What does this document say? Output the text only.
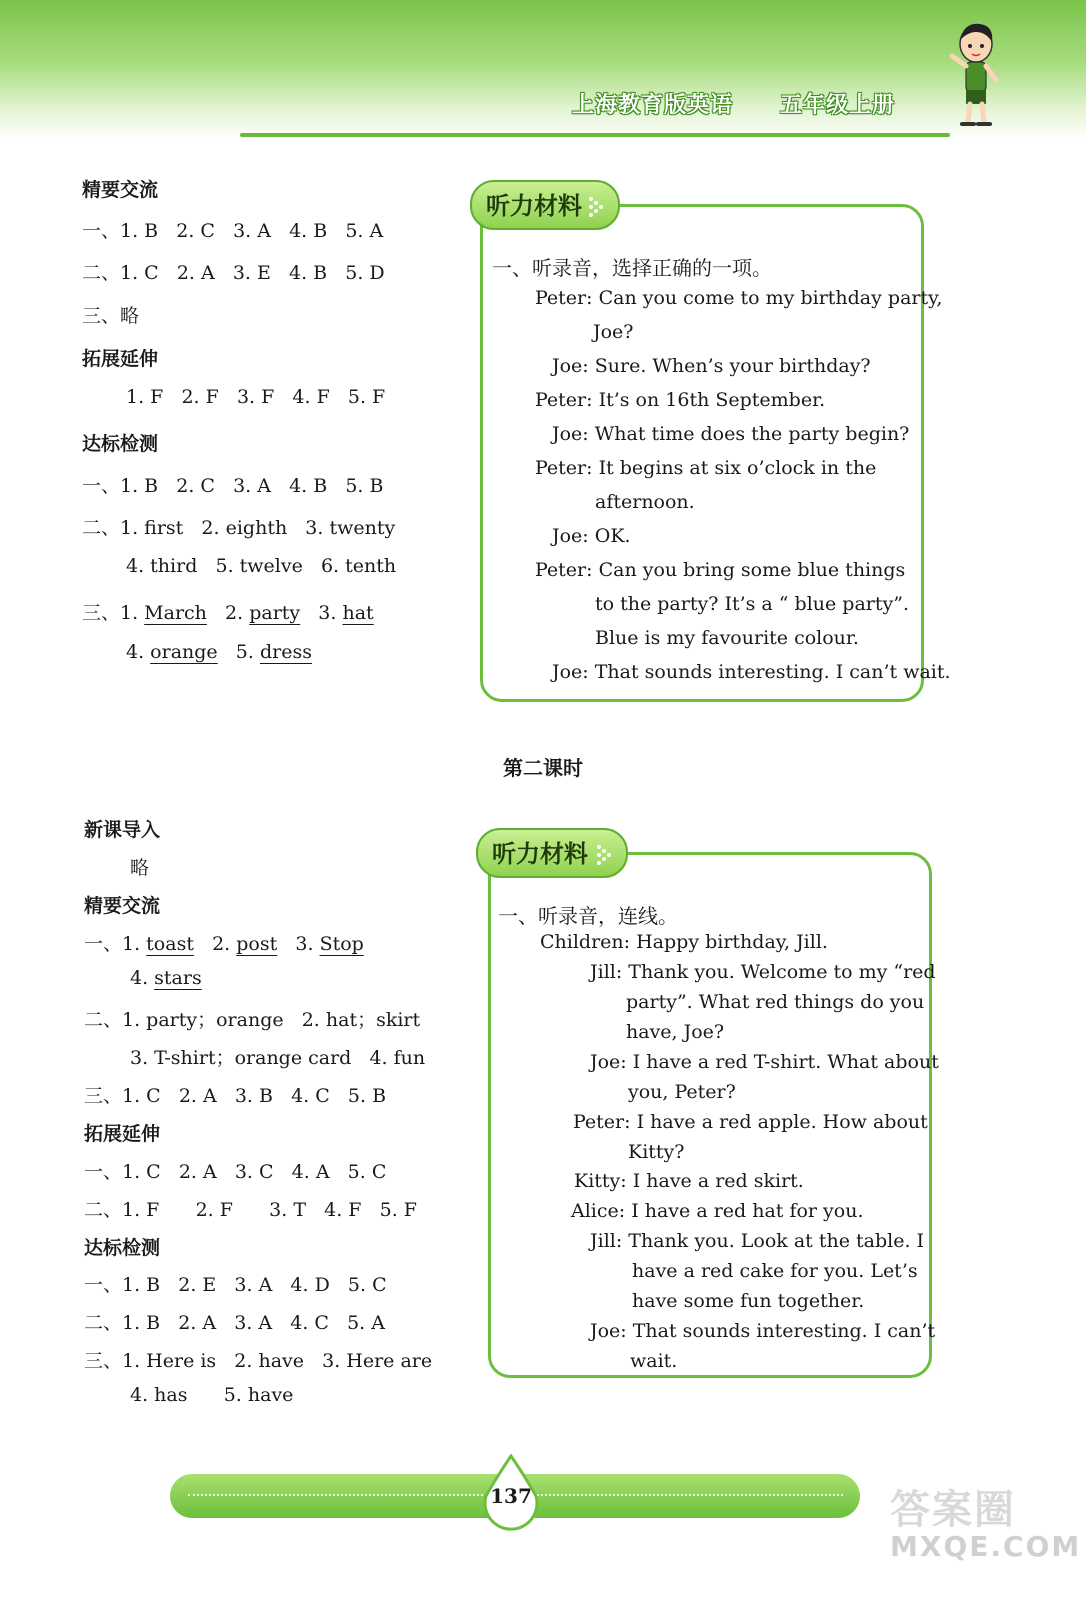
上海教育版英语 五年级上册
精要交流
一、1. B   2. C   3. A   4. B   5. A
二、1. C   2. A   3. E   4. B   5. D
三、略
拓展延伸
1. F   2. F   3. F   4. F   5. F
达标检测
一、1. B   2. C   3. A   4. B   5. B
二、1. first   2. eighth   3. twenty
4. third   5. twelve   6. tenth
三、1. March 2. party 3. hat
4. orange 5. dress
听力材料
一、听录音，选择正确的一项。
Peter: Can you come to my birthday party,
Joe?
Joe: Sure. When’s your birthday?
Peter: It’s on 16th September.
Joe: What time does the party begin?
Peter: It begins at six o’clock in the
afternoon.
Joe: OK.
Peter: Can you bring some blue things
to the party? It’s a “ blue party”.
Blue is my favourite colour.
Joe: That sounds interesting. I can’t wait.
第二课时
新课导入
略
精要交流
一、1. toast 2. post 3. Stop
4. stars
二、1. party；orange   2. hat；skirt
3. T-shirt；orange card   4. fun
三、1. C   2. A   3. B   4. C   5. B
拓展延伸
一、1. C   2. A   3. C   4. A   5. C
二、1. F      2. F      3. T   4. F   5. F
达标检测
一、1. B   2. E   3. A   4. D   5. C
二、1. B   2. A   3. A   4. C   5. A
三、1. Here is   2. have   3. Here are
4. has      5. have
听力材料
一、听录音，连线。
Children: Happy birthday, Jill.
Jill: Thank you. Welcome to my “red
party”. What red things do you
have, Joe?
Joe: I have a red T-shirt. What about
you, Peter?
Peter: I have a red apple. How about
Kitty?
Kitty: I have a red skirt.
Alice: I have a red hat for you.
Jill: Thank you. Look at the table. I
have a red cake for you. Let’s
have some fun together.
Joe: That sounds interesting. I can’t
wait.
137	答案圈
MXQE.COM
